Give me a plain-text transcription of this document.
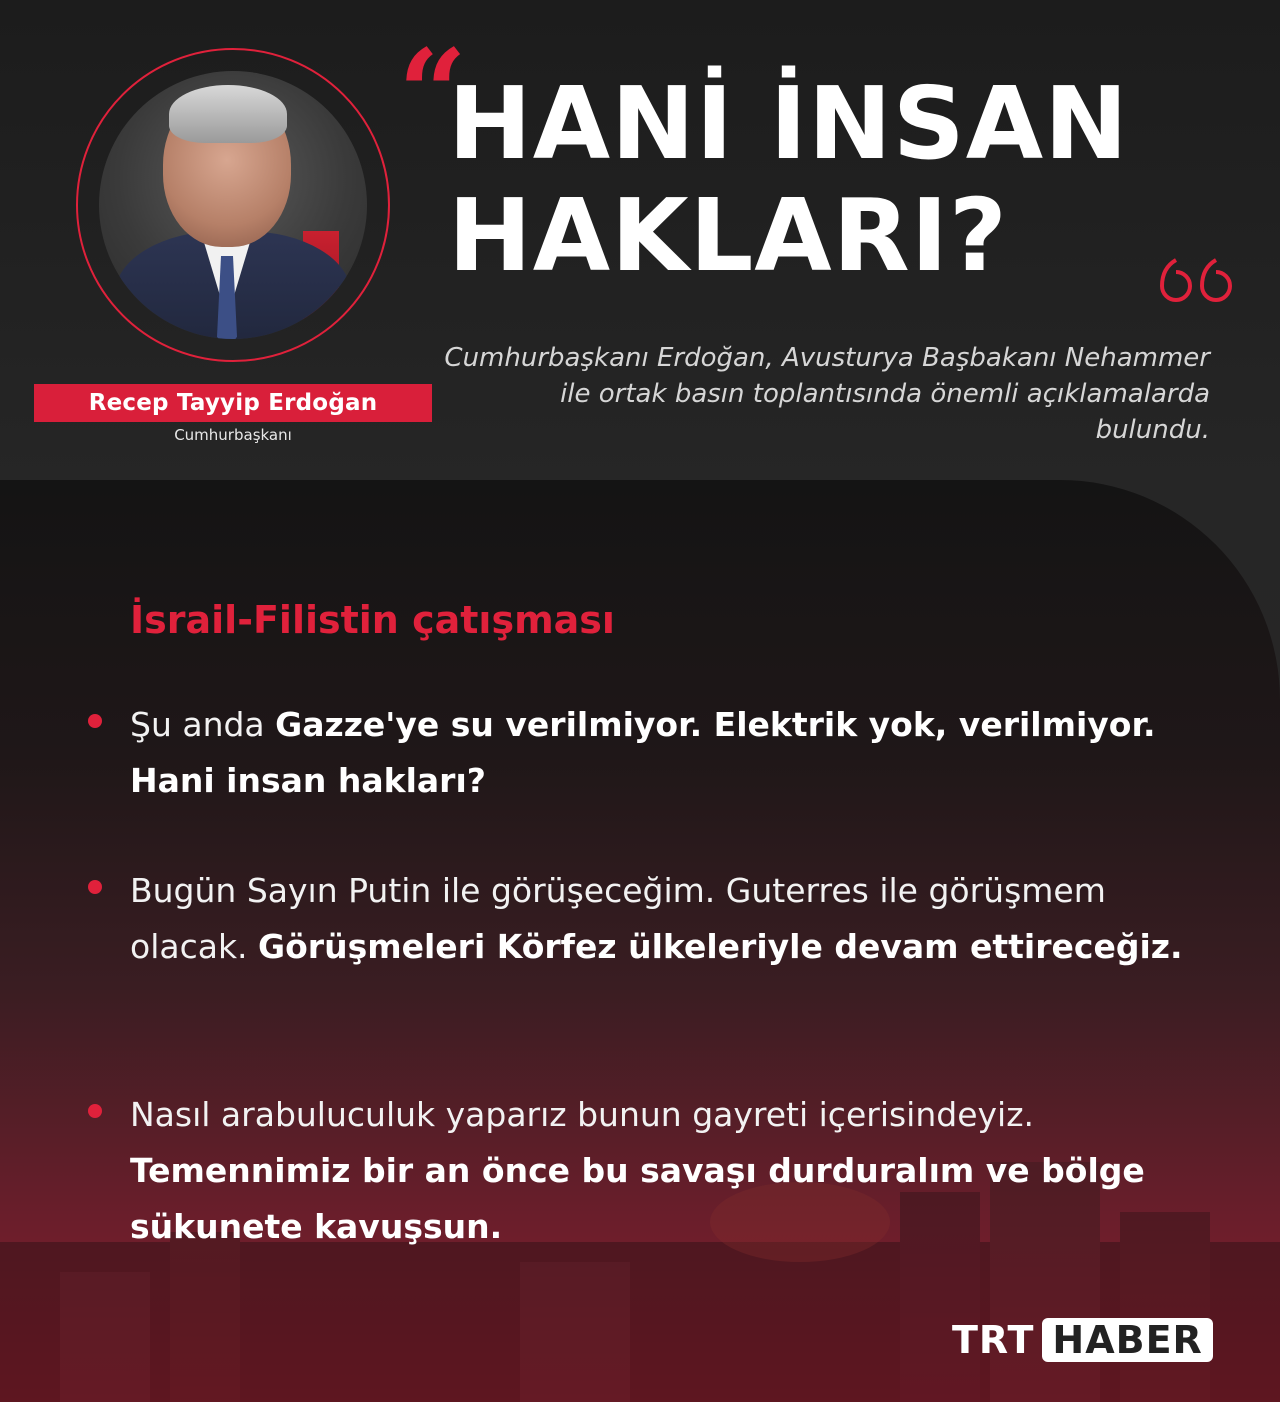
Recep Tayyip Erdoğan
Cumhurbaşkanı
“
HANİ İNSAN
HAKLARI?
Cumhurbaşkanı Erdoğan, Avusturya Başbakanı Nehammer ile ortak basın toplantısında önemli açıklamalarda bulundu.
İsrail-Filistin çatışması
Şu anda Gazze'ye su verilmiyor. Elektrik yok, verilmiyor. Hani insan hakları?
Bugün Sayın Putin ile görüşeceğim. Guterres ile görüşmem olacak. Görüşmeleri Körfez ülkeleriyle devam ettireceğiz.
Nasıl arabuluculuk yaparız bunun gayreti içerisindeyiz. Temennimiz bir an önce bu savaşı durduralım ve bölge sükunete kavuşsun.
TRT HABER
